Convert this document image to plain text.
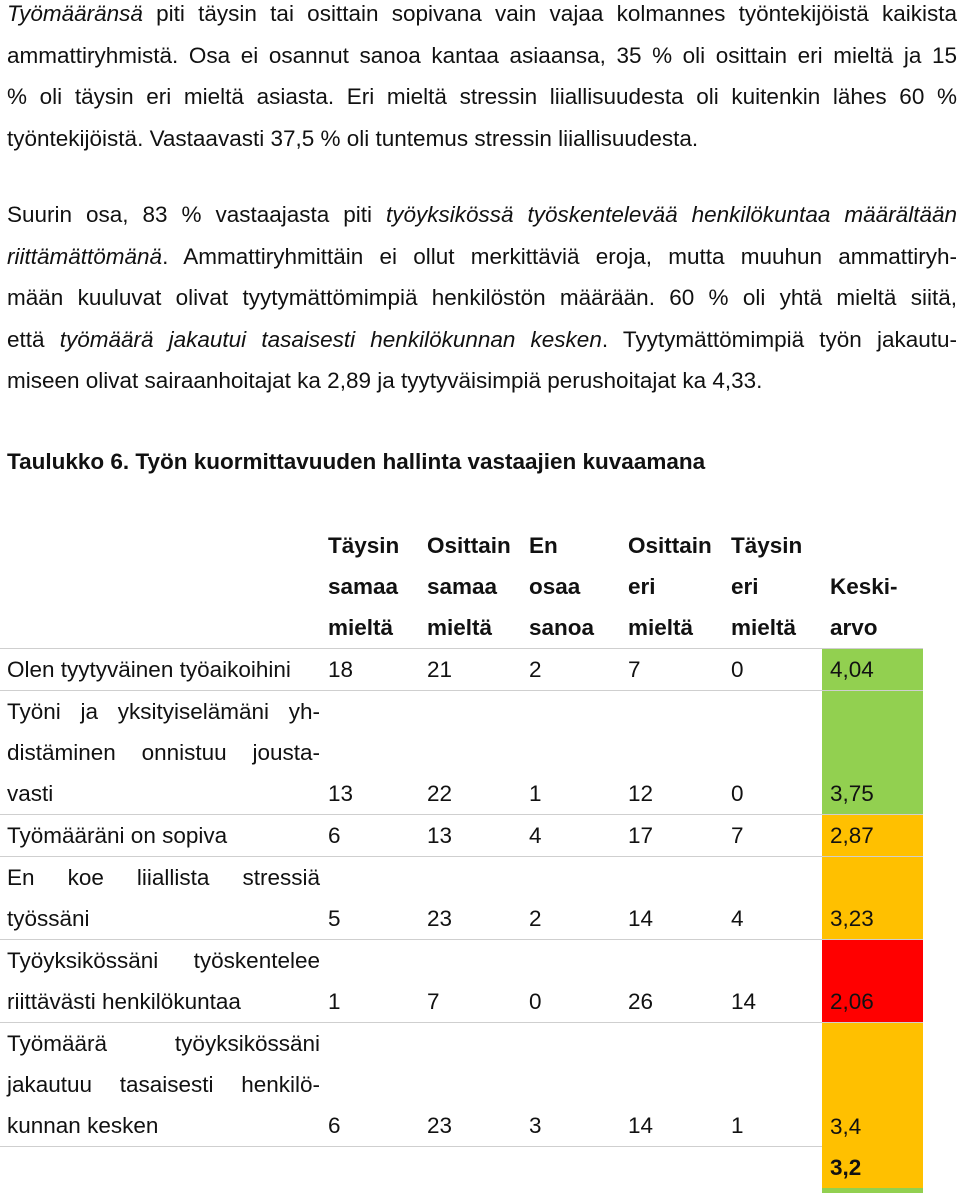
Työmääränsä piti täysin tai osittain sopivana vain vajaa kolmannes työntekijöistä kaikista
ammattiryhmistä. Osa ei osannut sanoa kantaa asiaansa, 35 % oli osittain eri mieltä ja 15
% oli täysin eri mieltä asiasta. Eri mieltä stressin liiallisuudesta oli kuitenkin lähes 60 %
työntekijöistä. Vastaavasti 37,5 % oli tuntemus stressin liiallisuudesta.
Suurin osa, 83 % vastaajasta piti työyksikössä työskentelevää henkilökuntaa määrältään
riittämättömänä. Ammattiryhmittäin ei ollut merkittäviä eroja, mutta muuhun ammattiryh-
mään kuuluvat olivat tyytymättömimpiä henkilöstön määrään. 60 % oli yhtä mieltä siitä,
että työmäärä jakautui tasaisesti henkilökunnan kesken. Tyytymättömimpiä työn jakautu-
miseen olivat sairaanhoitajat ka 2,89 ja tyytyväisimpiä perushoitajat ka 4,33.
Taulukko 6. Työn kuormittavuuden hallinta vastaajien kuvaamana

	Täysin
samaa
mieltä	Osittain
samaa
mieltä	En
osaa
sanoa	Osittain
eri
mieltä	Täysin
eri
mieltä	Keski-
arvo

Olen tyytyväinen työaikoihini	18	21	2	7	0	4,04

Työni ja yksityiselämäni yh-
distäminen onnistuu jousta-
vasti	13	22	1	12	0	3,75
Työmääräni on sopiva	6	13	4	17	7	2,87

En koe liiallista stressiä
työssäni	5	23	2	14	4	3,23

Työyksikössäni työskentelee
riittävästi henkilökuntaa	1	7	0	26	14	2,06

Työmäärä työyksikössäni
jakautuu tasaisesti henkilö-
kunnan kesken	6	23	3	14	1	3,4
						3,2
